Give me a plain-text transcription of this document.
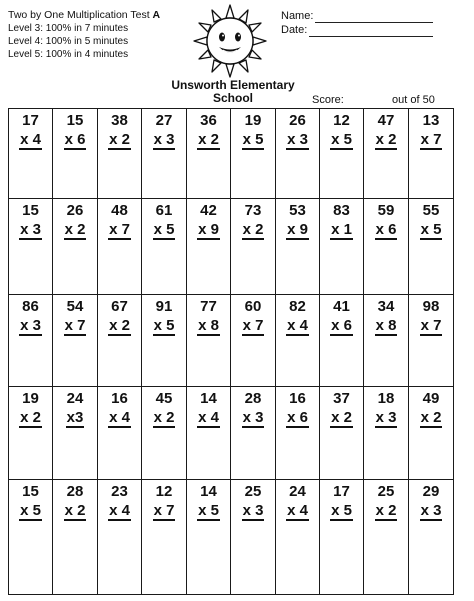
Two by One Multiplication Test A
Level 3: 100% in 7 minutes
Level 4: 100% in 5 minutes
Level 5: 100% in 4 minutes
Name:
Date:
Unsworth Elementary
School	Score:	out of 50
17
x 4
15
x 6
38
x 2
27
x 3
36
x 2
19
x 5
26
x 3
12
x 5
47
x 2
13
x 7
15
x 3
26
x 2
48
x 7
61
x 5
42
x 9
73
x 2
53
x 9
83
x 1
59
x 6
55
x 5
86
x 3
54
x 7
67
x 2
91
x 5
77
x 8
60
x 7
82
x 4
41
x 6
34
x 8
98
x 7
19
x 2
24
x3
16
x 4
45
x 2
14
x 4
28
x 3
16
x 6
37
x 2
18
x 3
49
x 2
15
x 5
28
x 2
23
x 4
12
x 7
14
x 5
25
x 3
24
x 4
17
x 5
25
x 2
29
x 3
